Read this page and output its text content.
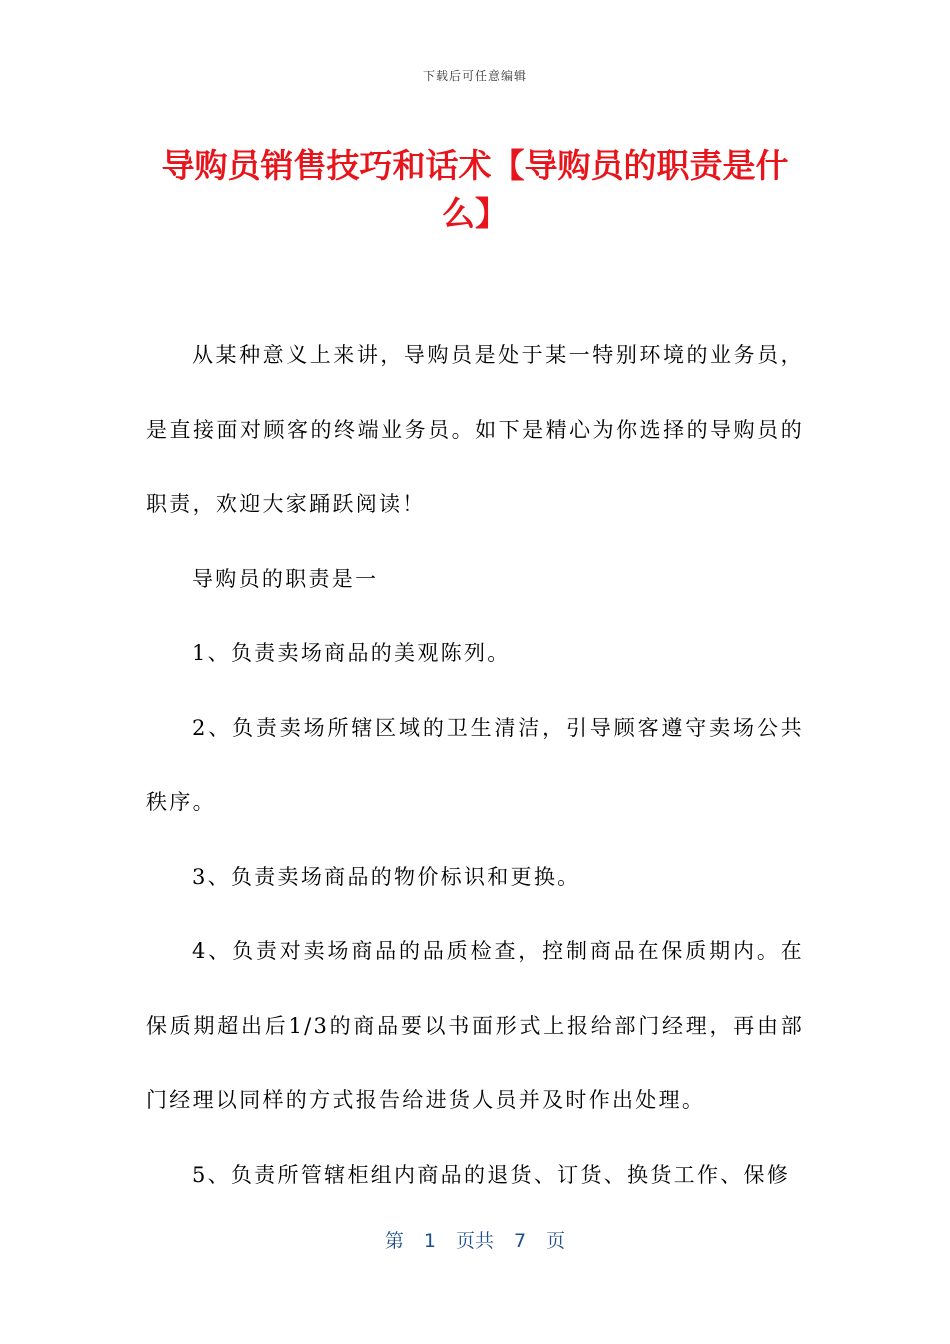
下载后可任意编辑
导购员销售技巧和话术【导购员的职责是什么】

从某种意义上来讲，导购员是处于某一特别环境的业务员，是直接面对顾客的终端业务员。如下是精心为你选择的导购员的职责，欢迎大家踊跃阅读！

导购员的职责是一

1、负责卖场商品的美观陈列。

2、负责卖场所辖区域的卫生清洁，引导顾客遵守卖场公共秩序。

3、负责卖场商品的物价标识和更换。

4、负责对卖场商品的品质检查，控制商品在保质期内。在保质期超出后1/3的商品要以书面形式上报给部门经理，再由部门经理以同样的方式报告给进货人员并及时作出处理。

5、负责所管辖柜组内商品的退货、订货、换货工作、保修

第 1 页共 7 页
